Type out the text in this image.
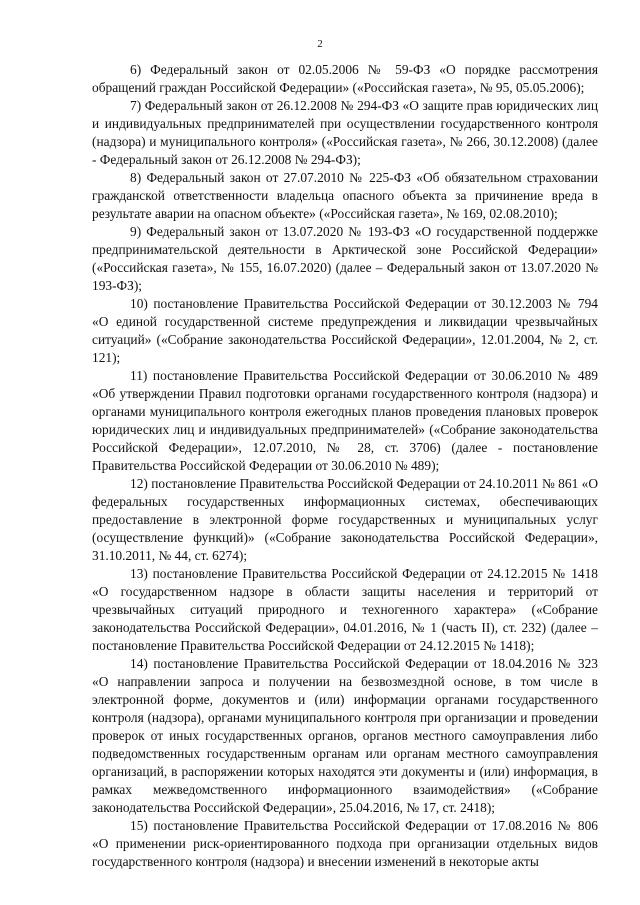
2

6) Федеральный закон от 02.05.2006 № 59-ФЗ «О порядке рассмотрения обращений граждан Российской Федерации» («Российская газета», № 95, 05.05.2006);

7) Федеральный закон от 26.12.2008 № 294-ФЗ «О защите прав юридических лиц и индивидуальных предпринимателей при осуществлении государственного контроля (надзора) и муниципального контроля» («Российская газета», № 266, 30.12.2008) (далее - Федеральный закон от 26.12.2008 № 294-ФЗ);

8) Федеральный закон от 27.07.2010 № 225-ФЗ «Об обязательном страховании гражданской ответственности владельца опасного объекта за причинение вреда в результате аварии на опасном объекте» («Российская газета», № 169, 02.08.2010);

9) Федеральный закон от 13.07.2020 № 193-ФЗ «О государственной поддержке предпринимательской деятельности в Арктической зоне Российской Федерации» («Российская газета», № 155, 16.07.2020) (далее – Федеральный закон от 13.07.2020 № 193-ФЗ);

10) постановление Правительства Российской Федерации от 30.12.2003 № 794 «О единой государственной системе предупреждения и ликвидации чрезвычайных ситуаций» («Собрание законодательства Российской Федерации», 12.01.2004, № 2, ст. 121);

11) постановление Правительства Российской Федерации от 30.06.2010 № 489 «Об утверждении Правил подготовки органами государственного контроля (надзора) и органами муниципального контроля ежегодных планов проведения плановых проверок юридических лиц и индивидуальных предпринимателей» («Собрание законодательства Российской Федерации», 12.07.2010, № 28, ст. 3706) (далее - постановление Правительства Российской Федерации от 30.06.2010 № 489);

12) постановление Правительства Российской Федерации от 24.10.2011 № 861 «О федеральных государственных информационных системах, обеспечивающих предоставление в электронной форме государственных и муниципальных услуг (осуществление функций)» («Собрание законодательства Российской Федерации», 31.10.2011, № 44, ст. 6274);

13) постановление Правительства Российской Федерации от 24.12.2015 № 1418 «О государственном надзоре в области защиты населения и территорий от чрезвычайных ситуаций природного и техногенного характера» («Собрание законодательства Российской Федерации», 04.01.2016, № 1 (часть II), ст. 232) (далее – постановление Правительства Российской Федерации от 24.12.2015 № 1418);

14) постановление Правительства Российской Федерации от 18.04.2016 № 323 «О направлении запроса и получении на безвозмездной основе, в том числе в электронной форме, документов и (или) информации органами государственного контроля (надзора), органами муниципального контроля при организации и проведении проверок от иных государственных органов, органов местного самоуправления либо подведомственных государственным органам или органам местного самоуправления организаций, в распоряжении которых находятся эти документы и (или) информация, в рамках межведомственного информационного взаимодействия» («Собрание законодательства Российской Федерации», 25.04.2016, № 17, ст. 2418);

15) постановление Правительства Российской Федерации от 17.08.2016 № 806 «О применении риск-ориентированного подхода при организации отдельных видов государственного контроля (надзора) и внесении изменений в некоторые акты
